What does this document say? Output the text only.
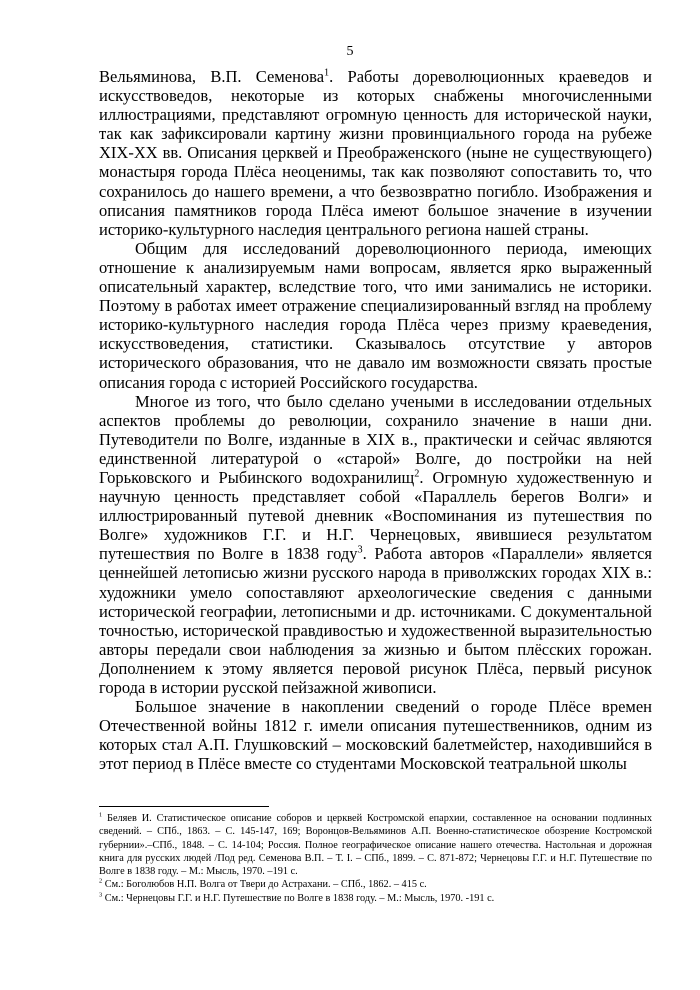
5

Вельяминова, В.П. Семенова$^1$. Работы дореволюционных краеведов и искусствоведов, некоторые из которых снабжены многочисленными иллюстрациями, представляют огромную ценность для исторической науки, так как зафиксировали картину жизни провинциального города на рубеже XIX-XX вв. Описания церквей и Преображенского (ныне не существующего) монастыря города Плёса неоценимы, так как позволяют сопоставить то, что сохранилось до нашего времени, а что безвозвратно погибло. Изображения и описания памятников города Плёса имеют большое значение в изучении историко-культурного наследия центрального региона нашей страны.

Общим для исследований дореволюционного периода, имеющих отношение к анализируемым нами вопросам, является ярко выраженный описательный характер, вследствие того, что ими занимались не историки. Поэтому в работах имеет отражение специализированный взгляд на проблему историко-культурного наследия города Плёса через призму краеведения, искусствоведения, статистики. Сказывалось отсутствие у авторов исторического образования, что не давало им возможности связать простые описания города с историей Российского государства.

Многое из того, что было сделано учеными в исследовании отдельных аспектов проблемы до революции, сохранило значение в наши дни. Путеводители по Волге, изданные в XIX в., практически и сейчас являются единственной литературой о «старой» Волге, до постройки на ней Горьковского и Рыбинского водохранилищ$^2$. Огромную художественную и научную ценность представляет собой «Параллель берегов Волги» и иллюстрированный путевой дневник «Воспоминания из путешествия по Волге» художников Г.Г. и Н.Г. Чернецовых, явившиеся результатом путешествия по Волге в 1838 году$^3$. Работа авторов «Параллели» является ценнейшей летописью жизни русского народа в приволжских городах XIX в.: художники умело сопоставляют археологические сведения с данными исторической географии, летописными и др. источниками. С документальной точностью, исторической правдивостью и художественной выразительностью авторы передали свои наблюдения за жизнью и бытом плёсских горожан. Дополнением к этому является перовой рисунок Плёса, первый рисунок города в истории русской пейзажной живописи.

Большое значение в накоплении сведений о городе Плёсе времен Отечественной войны 1812 г. имели описания путешественников, одним из которых стал А.П. Глушковский – московский балетмейстер, находившийся в этот период в Плёсе вместе со студентами Московской театральной школы

$^1$ Беляев И. Статистическое описание соборов и церквей Костромской епархии, составленное на основании подлинных сведений. – СПб., 1863. – С. 145-147, 169; Воронцов-Вельяминов А.П. Военно-статистическое обозрение Костромской губернии».–СПб., 1848. – С. 14-104; Россия. Полное географическое описание нашего отечества. Настольная и дорожная книга для русских людей /Под ред. Семенова В.П. – Т. I. – СПб., 1899. – С. 871-872; Чернецовы Г.Г. и Н.Г. Путешествие по Волге в 1838 году. – М.: Мысль, 1970. –191 с.

$^2$ См.: Боголюбов Н.П. Волга от Твери до Астрахани. – СПб., 1862. – 415 с.

$^3$ См.: Чернецовы Г.Г. и Н.Г. Путешествие по Волге в 1838 году. – М.: Мысль, 1970. -191 с.
